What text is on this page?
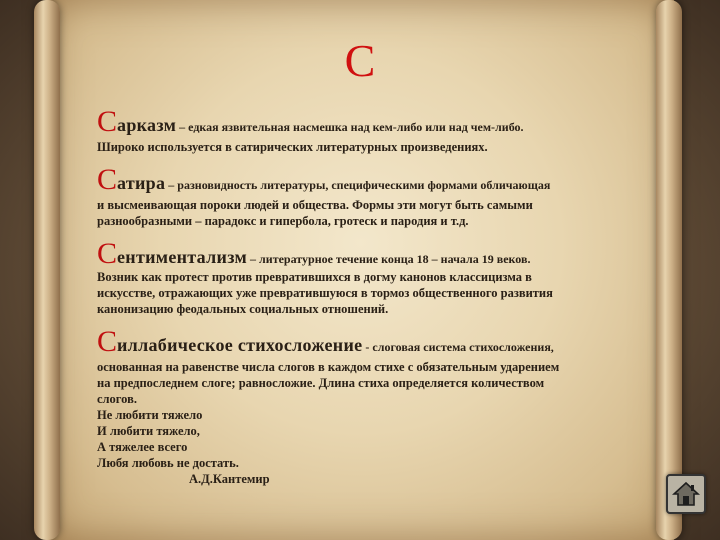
С
Сарказм – едкая язвительная насмешка над кем-либо или над чем-либо.
Широко используется в сатирических литературных произведениях.
Сатира – разновидность литературы, специфическими формами обличающая
и высмеивающая пороки людей и общества. Формы эти могут быть самыми
разнообразными – парадокс и гипербола, гротеск и пародия и т.д.
Сентиментализм – литературное течение конца 18 – начала 19 веков.
Возник как протест против превратившихся в догму канонов классицизма в
искусстве, отражающих уже превратившуюся в тормоз общественного развития
канонизацию феодальных социальных отношений.
Силлабическое стихосложение - слоговая система стихосложения,
основанная на равенстве числа слогов в каждом стихе с обязательным ударением
на предпоследнем слоге; равносложие. Длина стиха определяется количеством
слогов.
Не любити тяжело
И любити тяжело,
А тяжелее всего
Любя любовь не достать.
А.Д.Кантемир
